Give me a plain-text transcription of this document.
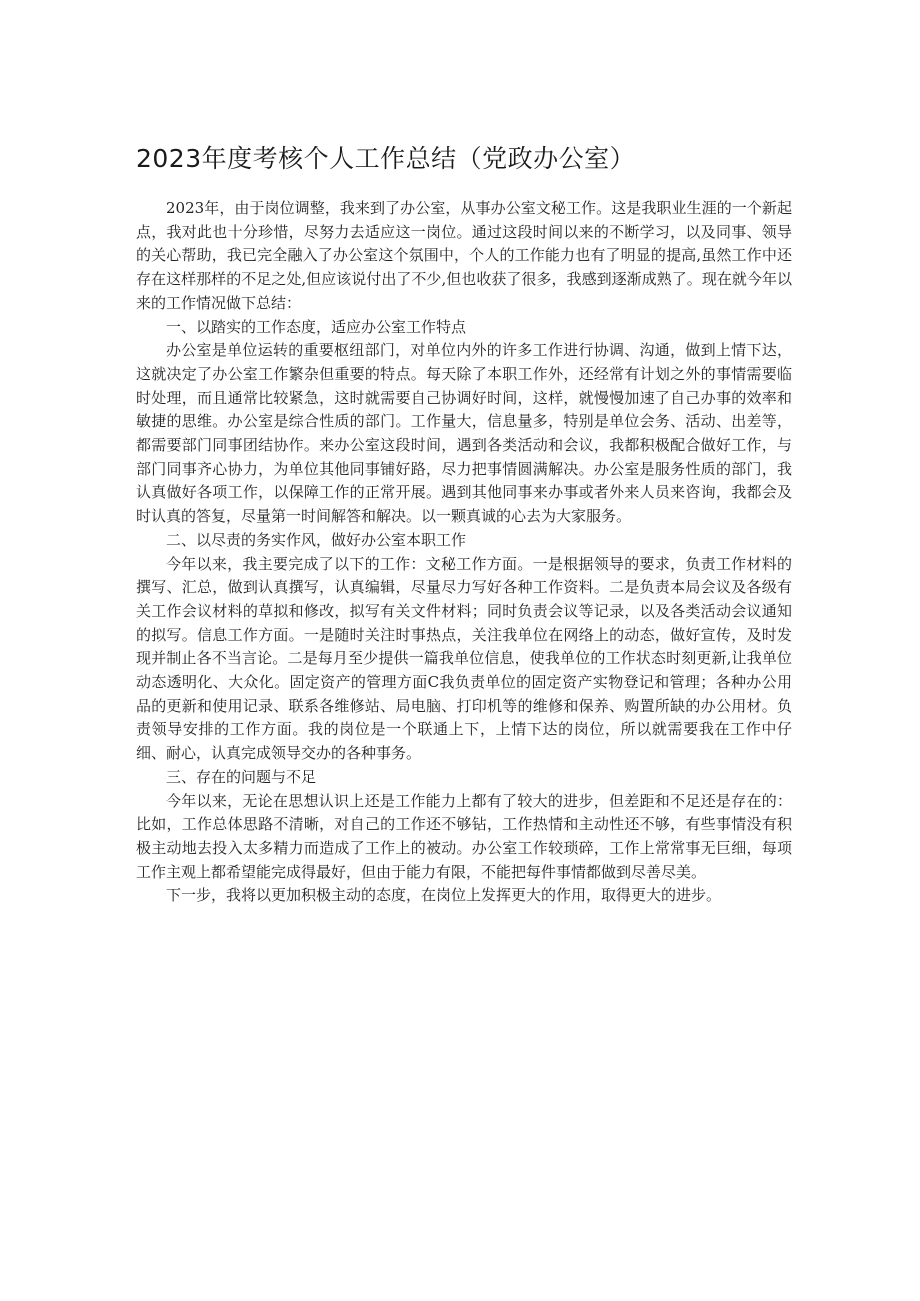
2023年度考核个人工作总结（党政办公室）

2023年，由于岗位调整，我来到了办公室，从事办公室文秘工作。这是我职业生涯的一个新起点，我对此也十分珍惜，尽努力去适应这一岗位。通过这段时间以来的不断学习，以及同事、领导的关心帮助，我已完全融入了办公室这个氛围中，个人的工作能力也有了明显的提高,虽然工作中还存在这样那样的不足之处,但应该说付出了不少,但也收获了很多，我感到逐渐成熟了。现在就今年以来的工作情况做下总结：

一、以踏实的工作态度，适应办公室工作特点

办公室是单位运转的重要枢纽部门，对单位内外的许多工作进行协调、沟通，做到上情下达，这就决定了办公室工作繁杂但重要的特点。每天除了本职工作外，还经常有计划之外的事情需要临时处理，而且通常比较紧急，这时就需要自己协调好时间，这样，就慢慢加速了自己办事的效率和敏捷的思维。办公室是综合性质的部门。工作量大，信息量多，特别是单位会务、活动、出差等，都需要部门同事团结协作。来办公室这段时间，遇到各类活动和会议，我都积极配合做好工作，与部门同事齐心协力，为单位其他同事铺好路，尽力把事情圆满解决。办公室是服务性质的部门，我认真做好各项工作，以保障工作的正常开展。遇到其他同事来办事或者外来人员来咨询，我都会及时认真的答复，尽量第一时间解答和解决。以一颗真诚的心去为大家服务。

二、以尽责的务实作风，做好办公室本职工作

今年以来，我主要完成了以下的工作：文秘工作方面。一是根据领导的要求，负责工作材料的撰写、汇总，做到认真撰写，认真编辑，尽量尽力写好各种工作资料。二是负责本局会议及各级有关工作会议材料的草拟和修改，拟写有关文件材料；同时负责会议等记录，以及各类活动会议通知的拟写。信息工作方面。一是随时关注时事热点，关注我单位在网络上的动态，做好宣传，及时发现并制止各不当言论。二是每月至少提供一篇我单位信息，使我单位的工作状态时刻更新,让我单位动态透明化、大众化。固定资产的管理方面C我负责单位的固定资产实物登记和管理；各种办公用品的更新和使用记录、联系各维修站、局电脑、打印机等的维修和保养、购置所缺的办公用材。负责领导安排的工作方面。我的岗位是一个联通上下，上情下达的岗位，所以就需要我在工作中仔细、耐心，认真完成领导交办的各种事务。

三、存在的问题与不足

今年以来，无论在思想认识上还是工作能力上都有了较大的进步，但差距和不足还是存在的：比如，工作总体思路不清晰，对自己的工作还不够钻，工作热情和主动性还不够，有些事情没有积极主动地去投入太多精力而造成了工作上的被动。办公室工作较琐碎，工作上常常事无巨细，每项工作主观上都希望能完成得最好，但由于能力有限，不能把每件事情都做到尽善尽美。

下一步，我将以更加积极主动的态度，在岗位上发挥更大的作用，取得更大的进步。
